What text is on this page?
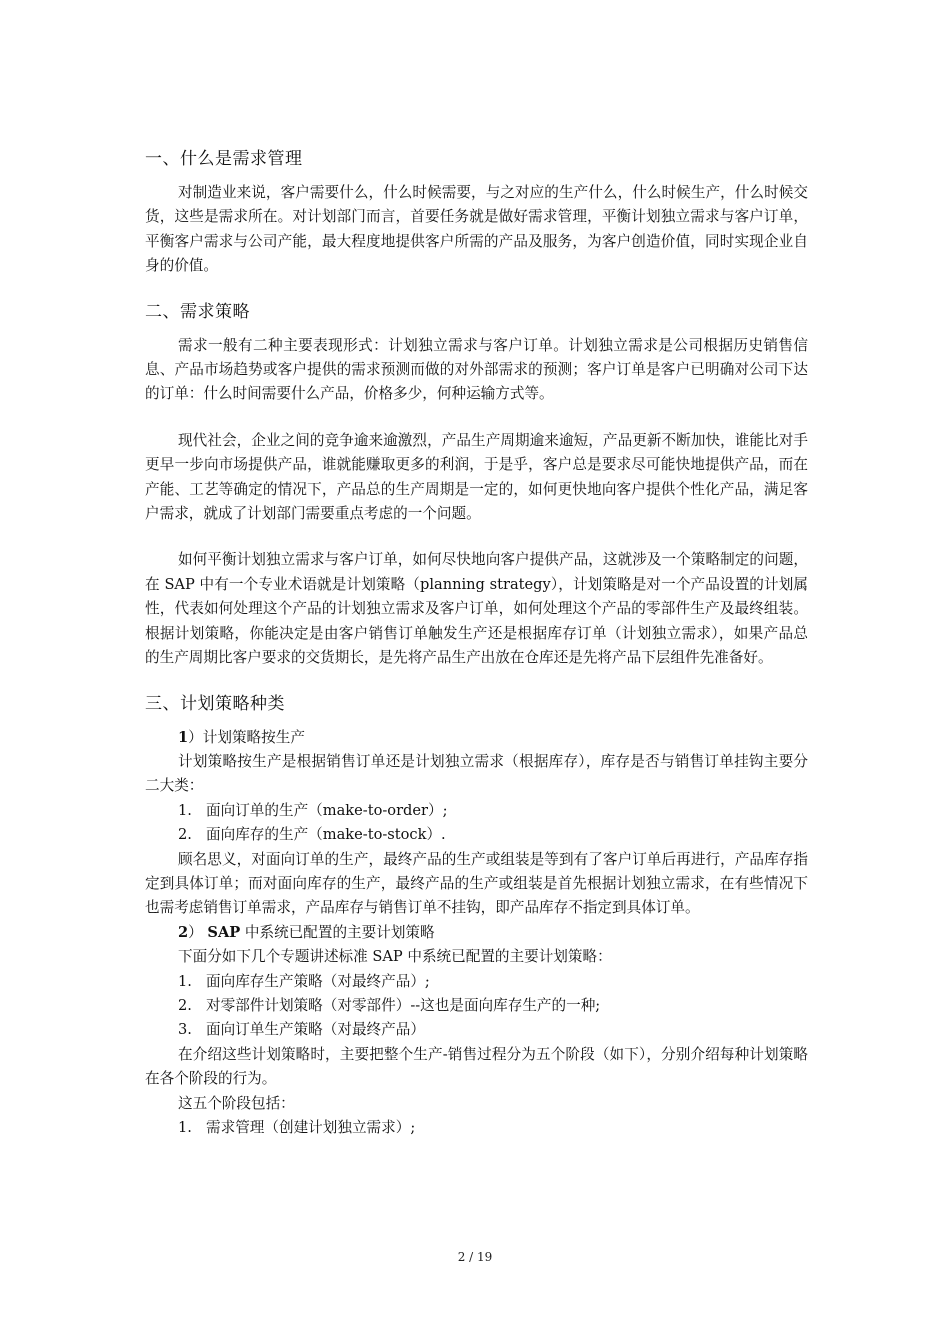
一、什么是需求管理

对制造业来说，客户需要什么，什么时候需要，与之对应的生产什么，什么时候生产，什么时候交货，这些是需求所在。对计划部门而言，首要任务就是做好需求管理，平衡计划独立需求与客户订单，平衡客户需求与公司产能，最大程度地提供客户所需的产品及服务，为客户创造价值，同时实现企业自身的价值。

二、需求策略

需求一般有二种主要表现形式：计划独立需求与客户订单。计划独立需求是公司根据历史销售信息、产品市场趋势或客户提供的需求预测而做的对外部需求的预测；客户订单是客户已明确对公司下达的订单：什么时间需要什么产品，价格多少，何种运输方式等。

现代社会，企业之间的竞争逾来逾激烈，产品生产周期逾来逾短，产品更新不断加快，谁能比对手更早一步向市场提供产品，谁就能赚取更多的利润，于是乎，客户总是要求尽可能快地提供产品，而在产能、工艺等确定的情况下，产品总的生产周期是一定的，如何更快地向客户提供个性化产品，满足客户需求，就成了计划部门需要重点考虑的一个问题。

如何平衡计划独立需求与客户订单，如何尽快地向客户提供产品，这就涉及一个策略制定的问题，在 SAP 中有一个专业术语就是计划策略（planning strategy），计划策略是对一个产品设置的计划属性，代表如何处理这个产品的计划独立需求及客户订单，如何处理这个产品的零部件生产及最终组装。根据计划策略，你能决定是由客户销售订单触发生产还是根据库存订单（计划独立需求），如果产品总的生产周期比客户要求的交货期长，是先将产品生产出放在仓库还是先将产品下层组件先准备好。

三、计划策略种类
1）计划策略按生产

计划策略按生产是根据销售订单还是计划独立需求（根据库存），库存是否与销售订单挂钩主要分二大类：

1. 面向订单的生产（make-to-order）;
2. 面向库存的生产（make-to-stock）.

顾名思义，对面向订单的生产，最终产品的生产或组装是等到有了客户订单后再进行，产品库存指定到具体订单；而对面向库存的生产，最终产品的生产或组装是首先根据计划独立需求，在有些情况下也需考虑销售订单需求，产品库存与销售订单不挂钩，即产品库存不指定到具体订单。

2） SAP 中系统已配置的主要计划策略

下面分如下几个专题讲述标准 SAP 中系统已配置的主要计划策略：

1. 面向库存生产策略（对最终产品）;
2. 对零部件计划策略（对零部件）--这也是面向库存生产的一种;
3. 面向订单生产策略（对最终产品）

在介绍这些计划策略时，主要把整个生产-销售过程分为五个阶段（如下），分别介绍每种计划策略在各个阶段的行为。

这五个阶段包括：

1. 需求管理（创建计划独立需求）;
2 / 19
